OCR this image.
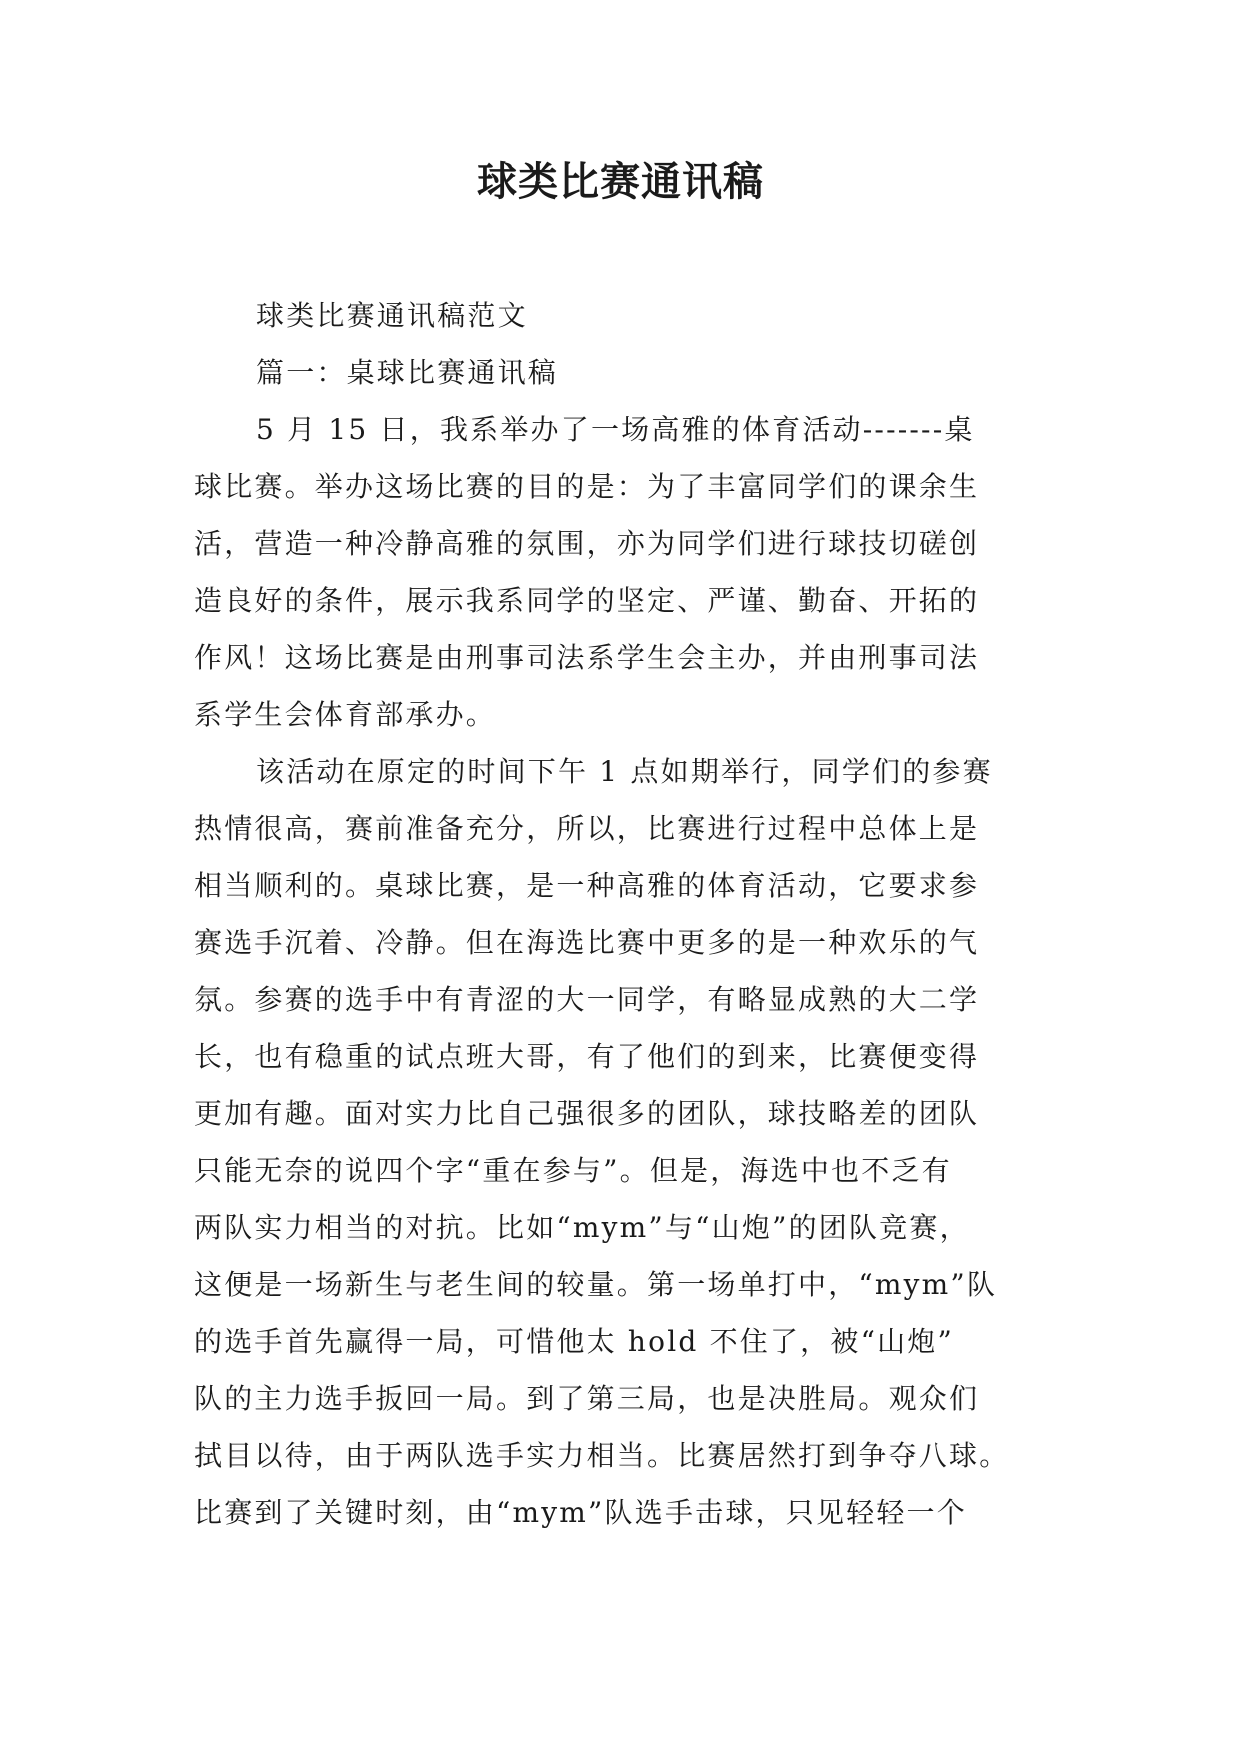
球类比赛通讯稿
球类比赛通讯稿范文
篇一：桌球比赛通讯稿
5 月 15 日，我系举办了一场高雅的体育活动-------桌
球比赛。举办这场比赛的目的是：为了丰富同学们的课余生
活，营造一种冷静高雅的氛围，亦为同学们进行球技切磋创
造良好的条件，展示我系同学的坚定、严谨、勤奋、开拓的
作风！这场比赛是由刑事司法系学生会主办，并由刑事司法
系学生会体育部承办。
该活动在原定的时间下午 1 点如期举行，同学们的参赛
热情很高，赛前准备充分，所以，比赛进行过程中总体上是
相当顺利的。桌球比赛，是一种高雅的体育活动，它要求参
赛选手沉着、冷静。但在海选比赛中更多的是一种欢乐的气
氛。参赛的选手中有青涩的大一同学，有略显成熟的大二学
长，也有稳重的试点班大哥，有了他们的到来，比赛便变得
更加有趣。面对实力比自己强很多的团队，球技略差的团队
只能无奈的说四个字“重在参与”。但是，海选中也不乏有
两队实力相当的对抗。比如“mym”与“山炮”的团队竞赛，
这便是一场新生与老生间的较量。第一场单打中，“mym”队
的选手首先赢得一局，可惜他太 hold 不住了，被“山炮”
队的主力选手扳回一局。到了第三局，也是决胜局。观众们
拭目以待，由于两队选手实力相当。比赛居然打到争夺八球。
比赛到了关键时刻，由“mym”队选手击球，只见轻轻一个
